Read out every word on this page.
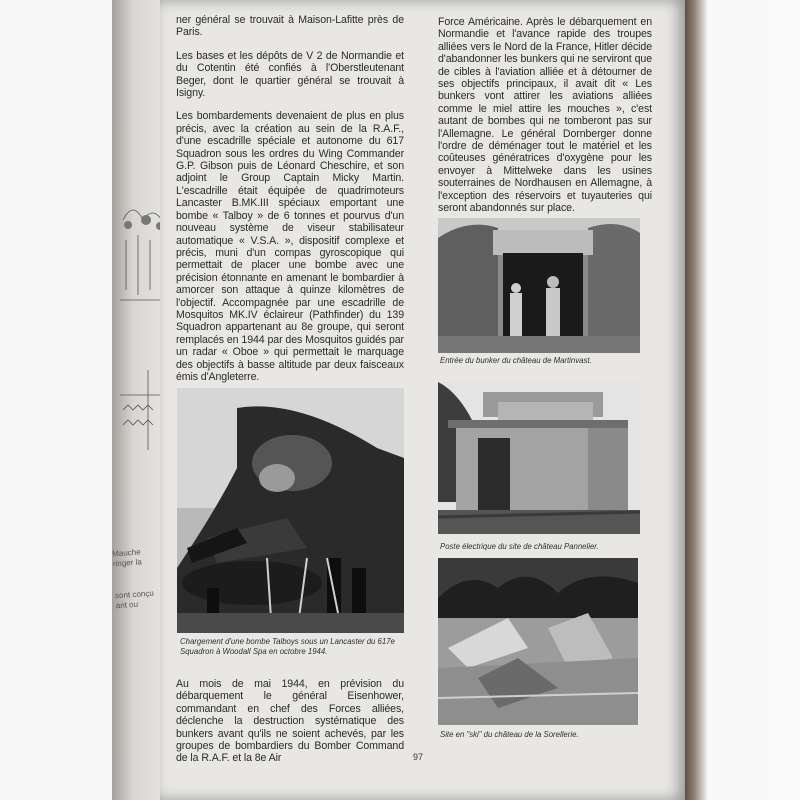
Mauche
ringer la
sont conçu
ant ou

ner général se trouvait à Maison-Lafitte près de Paris.

Les bases et les dépôts de V 2 de Normandie et du Cotentin été confiés à l'Oberstleutenant Beger, dont le quartier général se trouvait à Isigny.

Les bombardements devenaient de plus en plus précis, avec la création au sein de la R.A.F., d'une escadrille spéciale et autonome du 617 Squadron sous les ordres du Wing Commander G.P. Gibson puis de Léonard Cheschire, et son adjoint le Group Captain Micky Martin. L'escadrille était équipée de quadrimoteurs Lancaster B.MK.III spéciaux emportant une bombe « Talboy » de 6 tonnes et pourvus d'un nouveau système de viseur stabilisateur automatique « V.S.A. », dispositif complexe et précis, muni d'un compas gyroscopique qui permettait de placer une bombe avec une précision étonnante en amenant le bombardier à amorcer son attaque à quinze kilomètres de l'objectif. Accompagnée par une escadrille de Mosquitos MK.IV éclaireur (Pathfinder) du 139 Squadron appartenant au 8e groupe, qui seront remplacés en 1944 par des Mosquitos guidés par un radar « Oboe » qui permettait le marquage des objectifs à basse altitude par deux faisceaux émis d'Angleterre.

Chargement d'une bombe Talboys sous un Lancaster du 617e Squadron à Woodall Spa en octobre 1944.
Au mois de mai 1944, en prévision du débarquement le général Eisenhower, commandant en chef des Forces alliées, déclenche la destruction systématique des bunkers avant qu'ils ne soient achevés, par les groupes de bombardiers du Bomber Command de la R.A.F. et la 8e Air

Force Américaine. Après le débarquement en Normandie et l'avance rapide des troupes alliées vers le Nord de la France, Hitler décide d'abandonner les bunkers qui ne serviront que de cibles à l'aviation alliée et à détourner de ses objectifs principaux, il avait dit « Les bunkers vont attirer les aviations alliées comme le miel attire les mouches », c'est autant de bombes qui ne tomberont pas sur l'Allemagne. Le général Dornberger donne l'ordre de déménager tout le matériel et les coûteuses génératrices d'oxygène pour les envoyer à Mittelweke dans les usines souterraines de Nordhausen en Allemagne, à l'exception des réservoirs et tuyauteries qui seront abandonnés sur place.

Entrée du bunker du château de Martinvast.
Poste électrique du site de château Pannelier.
Site en "ski" du château de la Sorellerie.
97
